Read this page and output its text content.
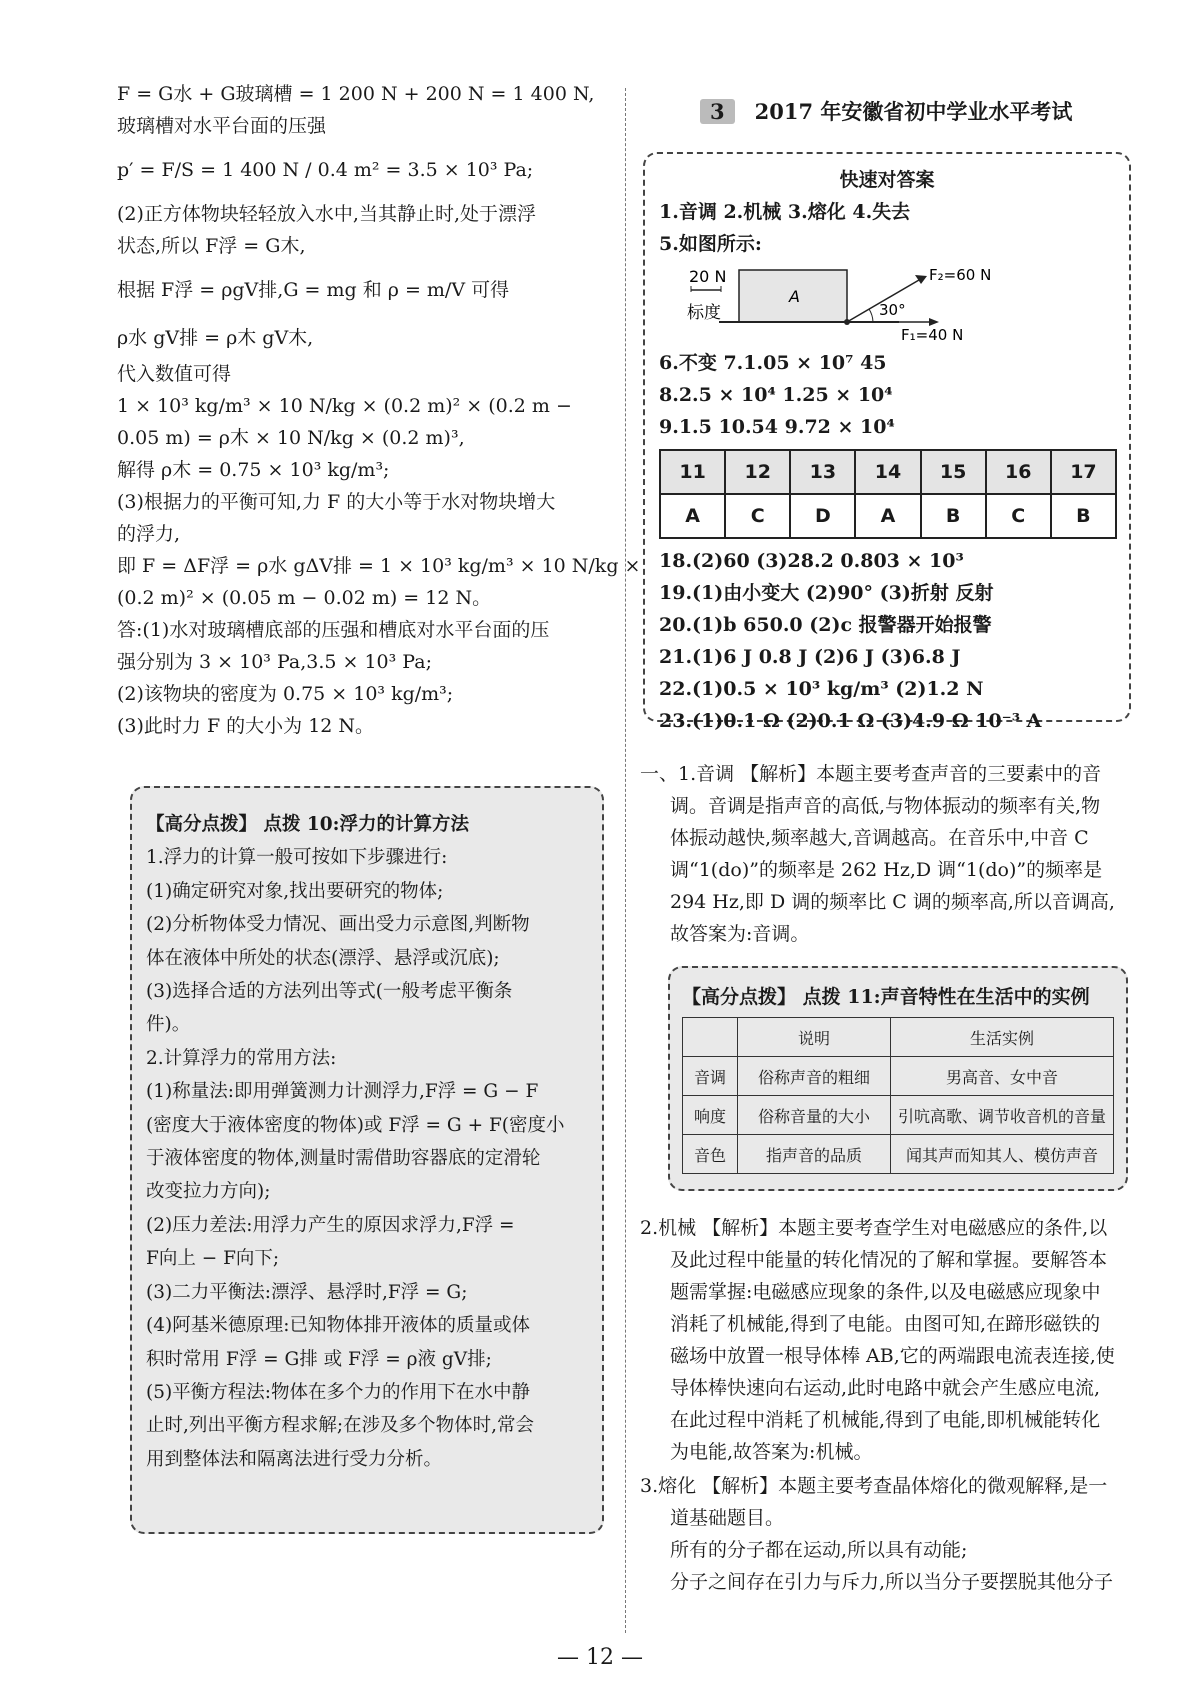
F = G水 + G玻璃槽 = 1 200 N + 200 N = 1 400 N,
玻璃槽对水平台面的压强
p′ = F/S = 1 400 N / 0.4 m² = 3.5 × 10³ Pa;
(2)正方体物块轻轻放入水中,当其静止时,处于漂浮
状态,所以 F浮 = G木,
根据 F浮 = ρgV排,G = mg 和 ρ = m/V 可得
ρ水 gV排 = ρ木 gV木,
代入数值可得
1 × 10³ kg/m³ × 10 N/kg × (0.2 m)² × (0.2 m −
0.05 m) = ρ木 × 10 N/kg × (0.2 m)³,
解得 ρ木 = 0.75 × 10³ kg/m³;
(3)根据力的平衡可知,力 F 的大小等于水对物块增大
的浮力,
即 F = ΔF浮 = ρ水 gΔV排 = 1 × 10³ kg/m³ × 10 N/kg ×
(0.2 m)² × (0.05 m − 0.02 m) = 12 N。
答:(1)水对玻璃槽底部的压强和槽底对水平台面的压
强分别为 3 × 10³ Pa,3.5 × 10³ Pa;
(2)该物块的密度为 0.75 × 10³ kg/m³;
(3)此时力 F 的大小为 12 N。
【高分点拨】 点拨 10:浮力的计算方法
1.浮力的计算一般可按如下步骤进行:
(1)确定研究对象,找出要研究的物体;
(2)分析物体受力情况、画出受力示意图,判断物
体在液体中所处的状态(漂浮、悬浮或沉底);
(3)选择合适的方法列出等式(一般考虑平衡条
件)。
2.计算浮力的常用方法:
(1)称量法:即用弹簧测力计测浮力,F浮 = G − F
(密度大于液体密度的物体)或 F浮 = G + F(密度小
于液体密度的物体,测量时需借助容器底的定滑轮
改变拉力方向);
(2)压力差法:用浮力产生的原因求浮力,F浮 =
F向上 − F向下;
(3)二力平衡法:漂浮、悬浮时,F浮 = G;
(4)阿基米德原理:已知物体排开液体的质量或体
积时常用 F浮 = G排 或 F浮 = ρ液 gV排;
(5)平衡方程法:物体在多个力的作用下在水中静
止时,列出平衡方程求解;在涉及多个物体时,常会
用到整体法和隔离法进行受力分析。
3 2017 年安徽省初中学业水平考试
快速对答案
1.音调 2.机械 3.熔化 4.失去
5.如图所示:
20 N
标度
A
30°
F₂=60 N
F₁=40 N
6.不变 7.1.05 × 10⁷ 45
8.2.5 × 10⁴ 1.25 × 10⁴
9.1.5 10.54 9.72 × 10⁴
11	12	13	14	15	16	17
A	C	D	A	B	C	B
18.(2)60 (3)28.2 0.803 × 10³
19.(1)由小变大 (2)90° (3)折射 反射
20.(1)b 650.0 (2)c 报警器开始报警
21.(1)6 J 0.8 J (2)6 J (3)6.8 J
22.(1)0.5 × 10³ kg/m³ (2)1.2 N
23.(1)0.1 Ω (2)0.1 Ω (3)4.9 Ω 10⁻³ A
一、1.音调 【解析】本题主要考查声音的三要素中的音
调。音调是指声音的高低,与物体振动的频率有关,物
体振动越快,频率越大,音调越高。在音乐中,中音 C
调“1(do)”的频率是 262 Hz,D 调“1(do)”的频率是
294 Hz,即 D 调的频率比 C 调的频率高,所以音调高,
故答案为:音调。
【高分点拨】 点拨 11:声音特性在生活中的实例
	说明	生活实例
音调	俗称声音的粗细	男高音、女中音
响度	俗称音量的大小	引吭高歌、调节收音机的音量
音色	指声音的品质	闻其声而知其人、模仿声音
2.机械 【解析】本题主要考查学生对电磁感应的条件,以
及此过程中能量的转化情况的了解和掌握。要解答本
题需掌握:电磁感应现象的条件,以及电磁感应现象中
消耗了机械能,得到了电能。由图可知,在蹄形磁铁的
磁场中放置一根导体棒 AB,它的两端跟电流表连接,使
导体棒快速向右运动,此时电路中就会产生感应电流,
在此过程中消耗了机械能,得到了电能,即机械能转化
为电能,故答案为:机械。
3.熔化 【解析】本题主要考查晶体熔化的微观解释,是一
道基础题目。
所有的分子都在运动,所以具有动能;
分子之间存在引力与斥力,所以当分子要摆脱其他分子
— 12 —
